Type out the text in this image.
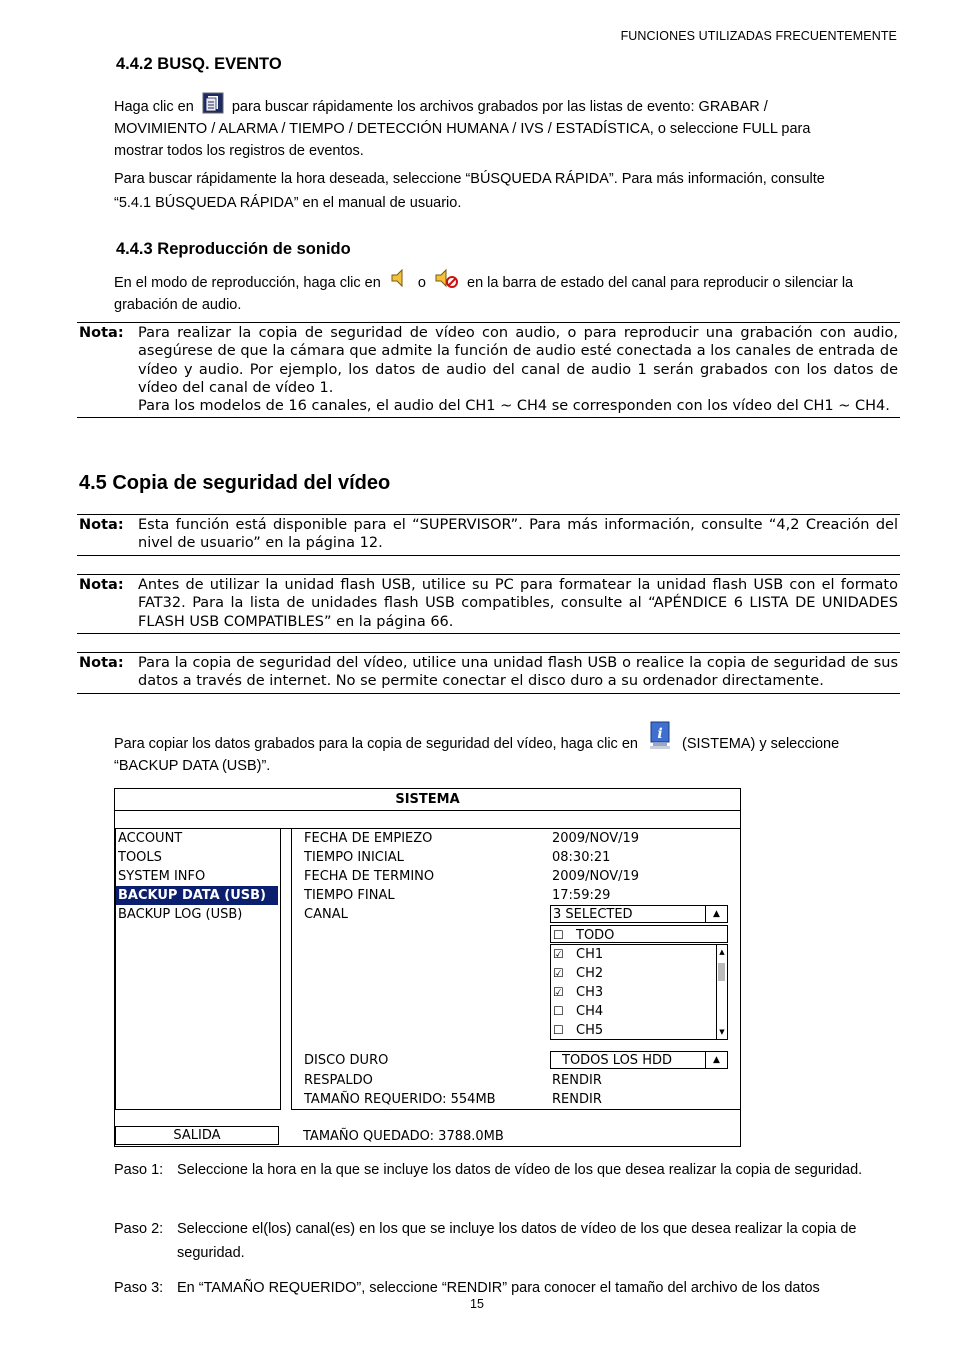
FUNCIONES UTILIZADAS FRECUENTEMENTE
4.4.2 BUSQ. EVENTO
Haga clic en	para buscar rápidamente los archivos grabados por las listas de evento: GRABAR /
MOVIMIENTO / ALARMA / TIEMPO / DETECCIÓN HUMANA / IVS / ESTADÍSTICA, o seleccione FULL para
mostrar todos los registros de eventos.
Para buscar rápidamente la hora deseada, seleccione “BÚSQUEDA RÁPIDA”. Para más información, consulte
“5.4.1 BÚSQUEDA RÁPIDA” en el manual de usuario.
4.4.3 Reproducción de sonido
En el modo de reproducción, haga clic en	o	en la barra de estado del canal para reproducir o silenciar la
grabación de audio.
Nota: Para realizar la copia de seguridad de vídeo con audio, o para reproducir una grabación con audio, asegúrese de que la cámara que admite la función de audio esté conectada a los canales de entrada de vídeo y audio. Por ejemplo, los datos de audio del canal de audio 1 serán grabados con los datos de vídeo del canal de vídeo 1.
Para los modelos de 16 canales, el audio del CH1 ~ CH4 se corresponden con los vídeo del CH1 ~ CH4.
4.5 Copia de seguridad del vídeo
Nota: Esta función está disponible para el “SUPERVISOR”. Para más información, consulte “4,2 Creación del nivel de usuario” en la página 12.
Nota: Antes de utilizar la unidad flash USB, utilice su PC para formatear la unidad flash USB con el formato FAT32. Para la lista de unidades flash USB compatibles, consulte al “APÉNDICE 6 LISTA DE UNIDADES FLASH USB COMPATIBLES” en la página 66.
Nota: Para la copia de seguridad del vídeo, utilice una unidad flash USB o realice la copia de seguridad de sus datos a través de internet. No se permite conectar el disco duro a su ordenador directamente.
Para copiar los datos grabados para la copia de seguridad del vídeo, haga clic en
i
(SISTEMA) y seleccione
“BACKUP DATA (USB)”.
SISTEMA
ACCOUNT
TOOLS
SYSTEM INFO
BACKUP DATA (USB)
BACKUP LOG (USB)
FECHA DE EMPIEZO	2009/NOV/19
TIEMPO INICIAL	08:30:21
FECHA DE TERMINO	2009/NOV/19
TIEMPO FINAL	17:59:29
CANAL	3 SELECTED	▲
☐ TODO
☑ CH1
☑ CH2
☑ CH3
☐ CH4
☐ CH5
▲
▼
DISCO DURO	TODOS LOS HDD	▲
RESPALDO	RENDIR
TAMAÑO REQUERIDO: 554MB	RENDIR
SALIDA	TAMAÑO QUEDADO: 3788.0MB
Paso 1: Seleccione la hora en la que se incluye los datos de vídeo de los que desea realizar la copia de seguridad.
Paso 2: Seleccione el(los) canal(es) en los que se incluye los datos de vídeo de los que desea realizar la copia de seguridad.
Paso 3: En “TAMAÑO REQUERIDO”, seleccione “RENDIR” para conocer el tamaño del archivo de los datos
15
